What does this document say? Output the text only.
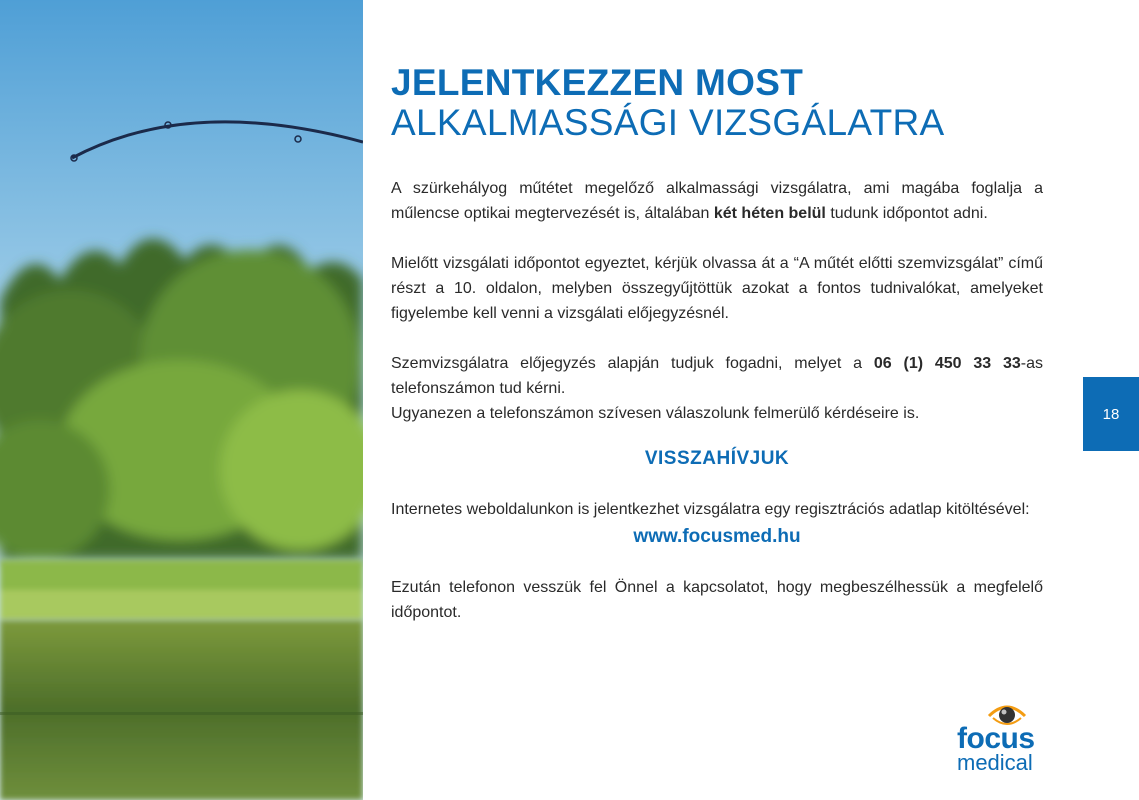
JELENTKEZZEN MOST
ALKALMASSÁGI VIZSGÁLATRA

A szürkehályog műtétet megelőző alkalmassági vizsgálatra, ami magába foglalja a műlencse optikai megtervezését is, általában két héten belül tudunk időpontot adni.

Mielőtt vizsgálati időpontot egyeztet, kérjük olvassa át a “A műtét előtti szemvizsgálat” című részt a 10. oldalon, melyben összegyűjtöttük azokat a fontos tudnivalókat, amelyeket figyelembe kell venni a vizsgálati előjegyzésnél.

Szemvizsgálatra előjegyzés alapján tudjuk fogadni, melyet a 06 (1) 450 33 33-as telefonszámon tud kérni.
Ugyanezen a telefonszámon szívesen válaszolunk felmerülő kérdéseire is.

VISSZAHÍVJUK

Internetes weboldalunkon is jelentkezhet vizsgálatra egy regisztrációs adatlap kitöltésével:

www.focusmed.hu

Ezután telefonon vesszük fel Önnel a kapcsolatot, hogy megbeszélhessük a megfelelő időpontot.

18
focus
medical
